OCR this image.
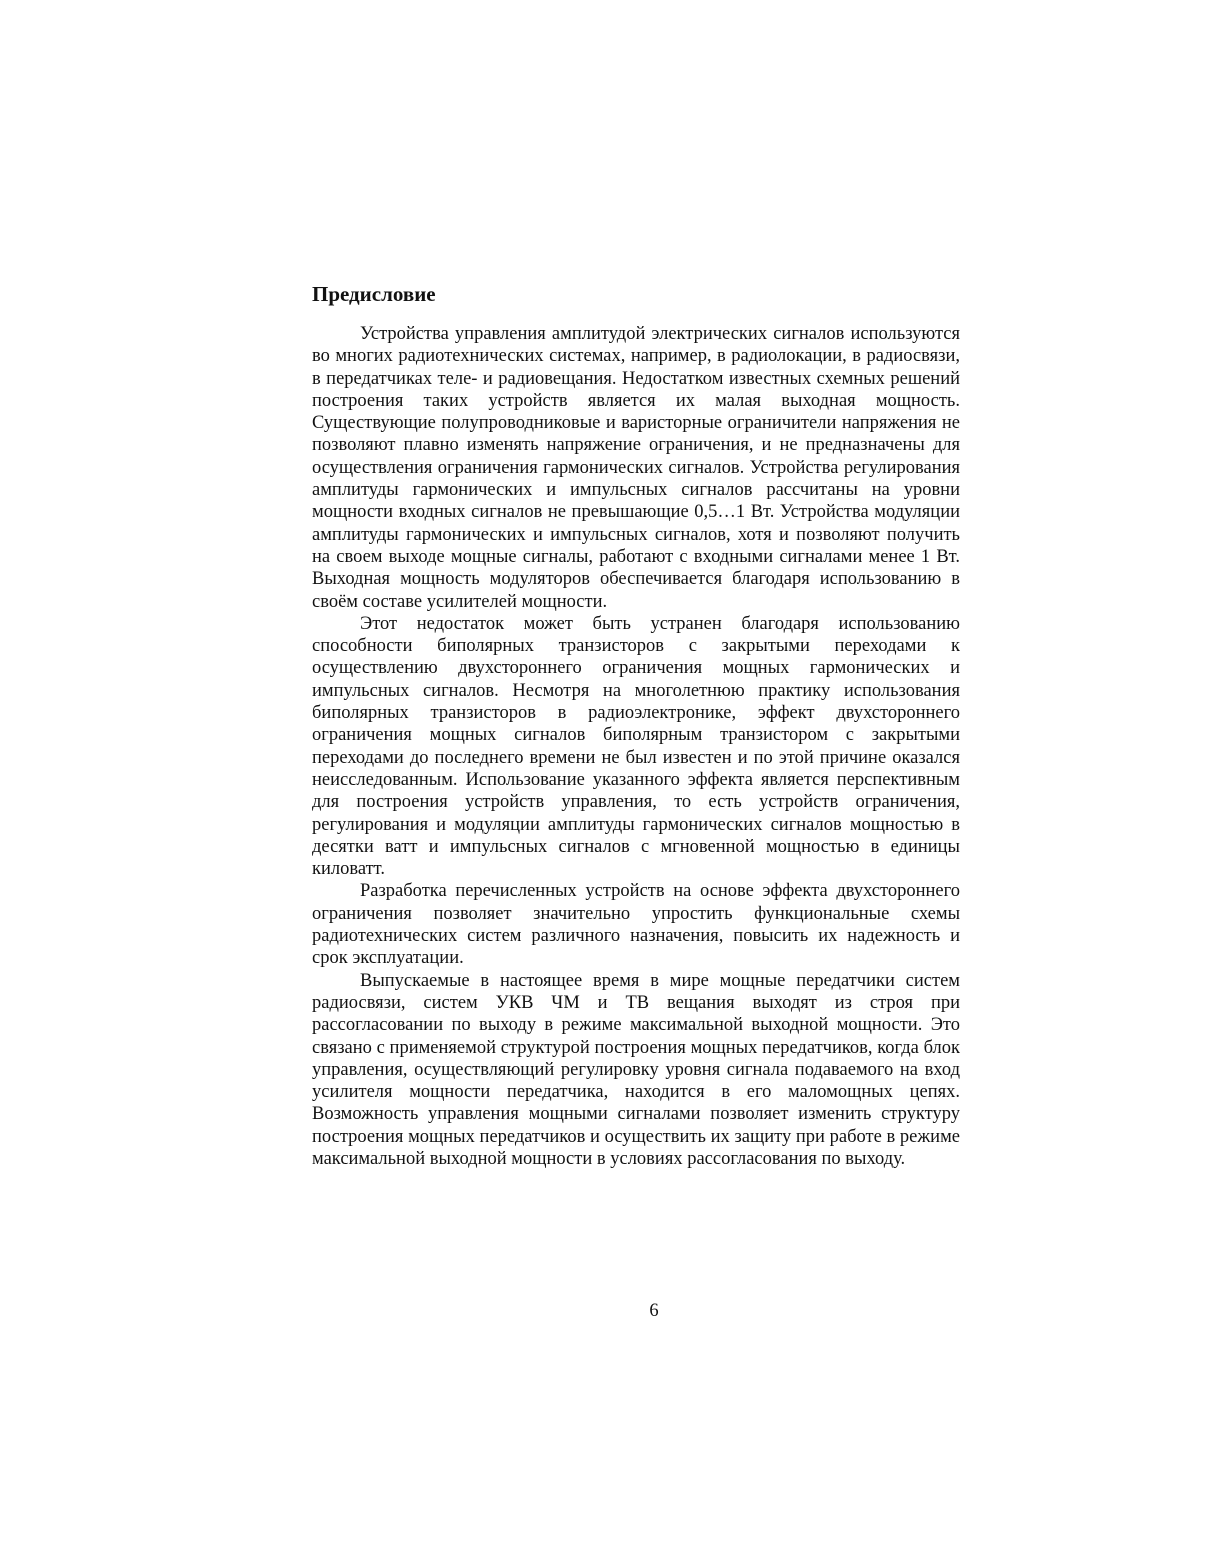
Предисловие

Устройства управления амплитудой электрических сигналов используются во многих радиотехнических системах, например, в радиолокации, в радиосвязи, в передатчиках теле- и радиовещания. Недостатком известных схемных решений построения таких устройств является их малая выходная мощность. Существующие полупроводниковые и варисторные ограничители напряжения не позволяют плавно изменять напряжение ограничения, и не предназначены для осуществления ограничения гармонических сигналов. Устройства регулирования амплитуды гармонических и импульсных сигналов рассчитаны на уровни мощности входных сигналов не превышающие 0,5…1 Вт. Устройства модуляции амплитуды гармонических и импульсных сигналов, хотя и позволяют получить на своем выходе мощные сигналы, работают с входными сигналами менее 1 Вт. Выходная мощность модуляторов обеспечивается благодаря использованию в своём составе усилителей мощности.

Этот недостаток может быть устранен благодаря использованию способности биполярных транзисторов с закрытыми переходами к осуществлению двухстороннего ограничения мощных гармонических и импульсных сигналов. Несмотря на многолетнюю практику использования биполярных транзисторов в радиоэлектронике, эффект двухстороннего ограничения мощных сигналов биполярным транзистором с закрытыми переходами до последнего времени не был известен и по этой причине оказался неисследованным. Использование указанного эффекта является перспективным для построения устройств управления, то есть устройств ограничения, регулирования и модуляции амплитуды гармонических сигналов мощностью в десятки ватт и импульсных сигналов с мгновенной мощностью в единицы киловатт.

Разработка перечисленных устройств на основе эффекта двухстороннего ограничения позволяет значительно упростить функциональные схемы радиотехнических систем различного назначения, повысить их надежность и срок эксплуатации.

Выпускаемые в настоящее время в мире мощные передатчики систем радиосвязи, систем УКВ ЧМ и ТВ вещания выходят из строя при рассогласовании по выходу в режиме максимальной выходной мощности. Это связано с применяемой структурой построения мощных передатчиков, когда блок управления, осуществляющий регулировку уровня сигнала подаваемого на вход усилителя мощности передатчика, находится в его маломощных цепях. Возможность управления мощными сигналами позволяет изменить структуру построения мощных передатчиков и осуществить их защиту при работе в режиме максимальной выходной мощности в условиях рассогласования по выходу.

6
